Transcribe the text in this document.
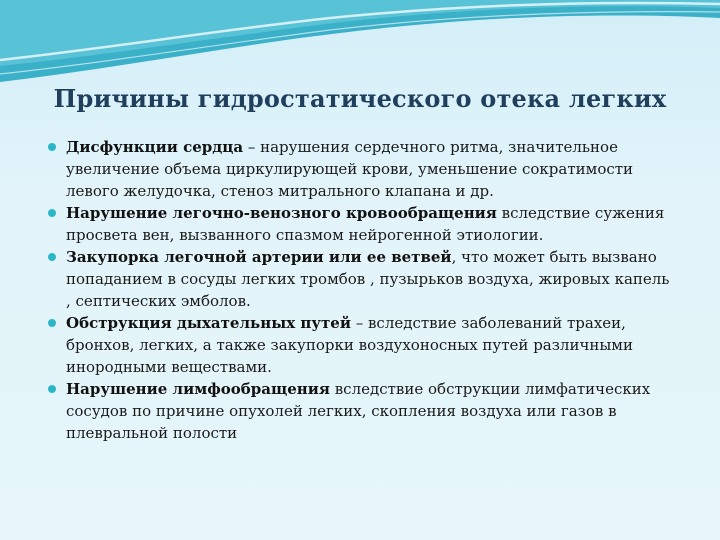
Причины гидростатического отека легких
Дисфункции сердца – нарушения сердечного ритма, значительное увеличение объема циркулирующей крови, уменьшение сократимости левого желудочка, стеноз митрального клапана и др.
Нарушение легочно-венозного кровообращения вследствие сужения просвета вен, вызванного спазмом нейрогенной этиологии.
Закупорка легочной артерии или ее ветвей, что может быть вызвано попаданием в сосуды легких тромбов , пузырьков воздуха, жировых капель , септических эмболов.
Обструкция дыхательных путей – вследствие заболеваний трахеи, бронхов, легких, а также закупорки воздухоносных путей различными инородными веществами.
Нарушение лимфообращения вследствие обструкции лимфатических сосудов по причине опухолей легких, скопления воздуха или газов в плевральной полости
